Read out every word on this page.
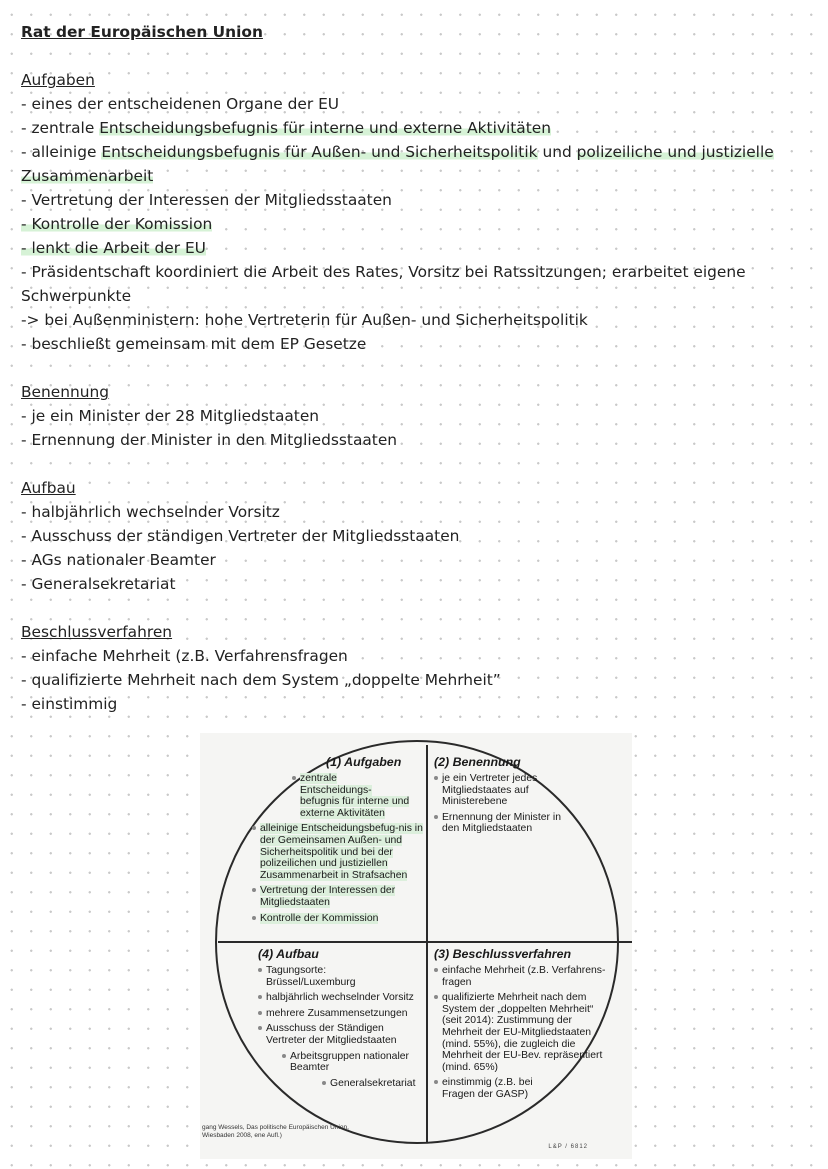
Rat der Europäischen Union
Aufgaben
- eines der entscheidenen Organe der EU
- zentrale Entscheidungsbefugnis für interne und externe Aktivitäten
- alleinige Entscheidungsbefugnis für Außen- und Sicherheitspolitik und polizeiliche und justizielle Zusammenarbeit
- Vertretung der Interessen der Mitgliedsstaaten
- Kontrolle der Komission
- lenkt die Arbeit der EU
- Präsidentschaft koordiniert die Arbeit des Rates, Vorsitz bei Ratssitzungen; erarbeitet eigene Schwerpunkte
-> bei Außenministern: hohe Vertreterin für Außen- und Sicherheitspolitik
- beschließt gemeinsam mit dem EP Gesetze
Benennung
- je ein Minister der 28 Mitgliedstaaten
- Ernennung der Minister in den Mitgliedsstaaten
Aufbau
- halbjährlich wechselnder Vorsitz
- Ausschuss der ständigen Vertreter der Mitgliedsstaaten
- AGs nationaler Beamter
- Generalsekretariat
Beschlussverfahren
- einfache Mehrheit (z.B. Verfahrensfragen
- qualifizierte Mehrheit nach dem System „doppelte Mehrheit”
- einstimmig
(1) Aufgaben
zentrale Entscheidungs-befugnis für interne und externe Aktivitäten
alleinige Entscheidungsbefug-nis in der Gemeinsamen Außen- und Sicherheitspolitik und bei der polizeilichen und justiziellen Zusammenarbeit in Strafsachen
Vertretung der Interessen der Mitgliedstaaten
Kontrolle der Kommission
(2) Benennung
je ein Vertreter jedes Mitgliedstaates auf Ministerebene
Ernennung der Minister in den Mitgliedstaaten
(4) Aufbau
Tagungsorte: Brüssel/Luxemburg
halbjährlich wechselnder Vorsitz
mehrere Zusammensetzungen
Ausschuss der Ständigen Vertreter der Mitgliedstaaten
Arbeitsgruppen nationaler Beamter
Generalsekretariat
(3) Beschlussverfahren
einfache Mehrheit (z.B. Verfahrens-fragen
qualifizierte Mehrheit nach dem System der „doppelten Mehrheit“ (seit 2014): Zustimmung der Mehrheit der EU-Mitgliedstaaten (mind. 55%), die zugleich die Mehrheit der EU-Bev. repräsentiert (mind. 65%)
einstimmig (z.B. bei Fragen der GASP)
gang Wessels, Das politische Europäischen Union, Wiesbaden 2008, ene Aufl.)
L&P / 6812
